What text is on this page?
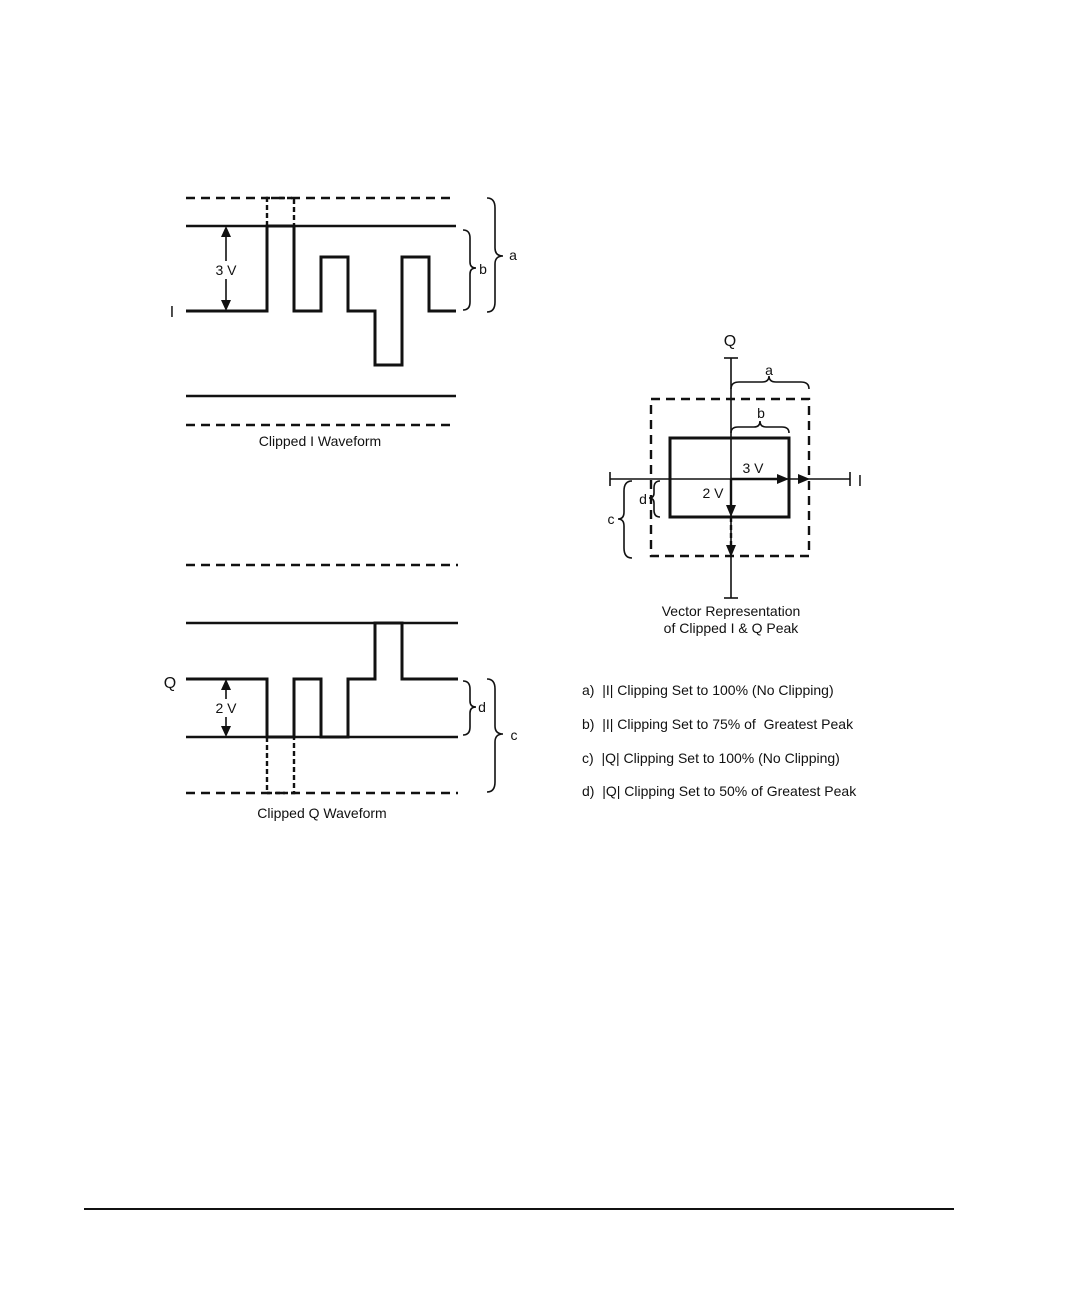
3 V
I
b
a
Clipped I Waveform
2 V
Q
d
c
Clipped Q Waveform
Q
I
3 V
2 V
a
b
d
c
Vector Representation
of Clipped I & Q Peak
a)  |I| Clipping Set to 100% (No Clipping)
b)  |I| Clipping Set to 75% of  Greatest Peak
c)  |Q| Clipping Set to 100% (No Clipping)
d)  |Q| Clipping Set to 50% of Greatest Peak
